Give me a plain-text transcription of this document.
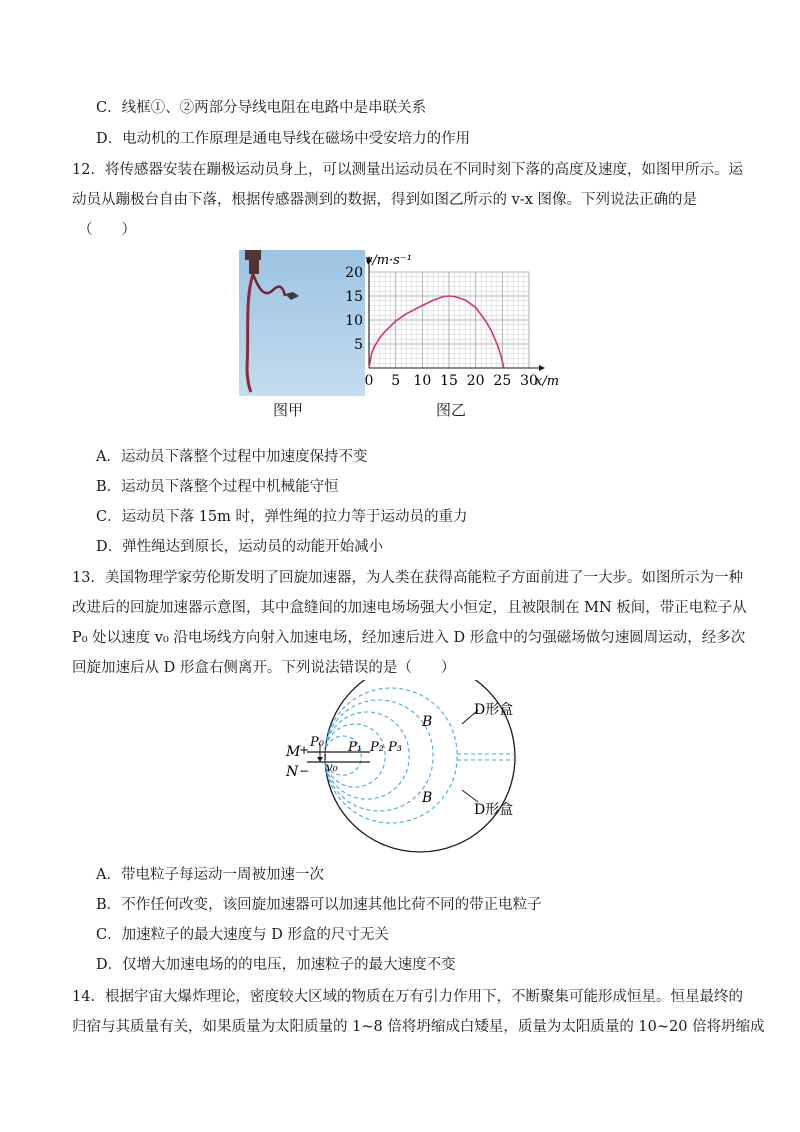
C．线框①、②两部分导线电阻在电路中是串联关系
D．电动机的工作原理是通电导线在磁场中受安培力的作用
12．将传感器安装在蹦极运动员身上，可以测量出运动员在不同时刻下落的高度及速度，如图甲所示。运
动员从蹦极台自由下落，根据传感器测到的数据，得到如图乙所示的 v-x 图像。下列说法正确的是
（　　）
图甲
0 5 10 15 20 25 30
5
10
15
20
v/m·s⁻¹
x/m
图乙
A．运动员下落整个过程中加速度保持不变
B．运动员下落整个过程中机械能守恒
C．运动员下落 15m 时，弹性绳的拉力等于运动员的重力
D．弹性绳达到原长，运动员的动能开始减小
13．美国物理学家劳伦斯发明了回旋加速器，为人类在获得高能粒子方面前进了一大步。如图所示为一种
改进后的回旋加速器示意图，其中盒缝间的加速电场场强大小恒定，且被限制在 MN 板间，带正电粒子从
P₀ 处以速度 v₀ 沿电场线方向射入加速电场，经加速后进入 D 形盒中的匀强磁场做匀速圆周运动，经多次
回旋加速后从 D 形盒右侧离开。下列说法错误的是（　　）
M
+
N −
P₀
v₀
P₁ P₂ P₃
B
B
D形盒
D形盒
A．带电粒子每运动一周被加速一次
B．不作任何改变，该回旋加速器可以加速其他比荷不同的带正电粒子
C．加速粒子的最大速度与 D 形盒的尺寸无关
D．仅增大加速电场的的电压，加速粒子的最大速度不变
14．根据宇宙大爆炸理论，密度较大区域的物质在万有引力作用下，不断聚集可能形成恒星。恒星最终的
归宿与其质量有关，如果质量为太阳质量的 1~8 倍将坍缩成白矮星，质量为太阳质量的 10~20 倍将坍缩成
